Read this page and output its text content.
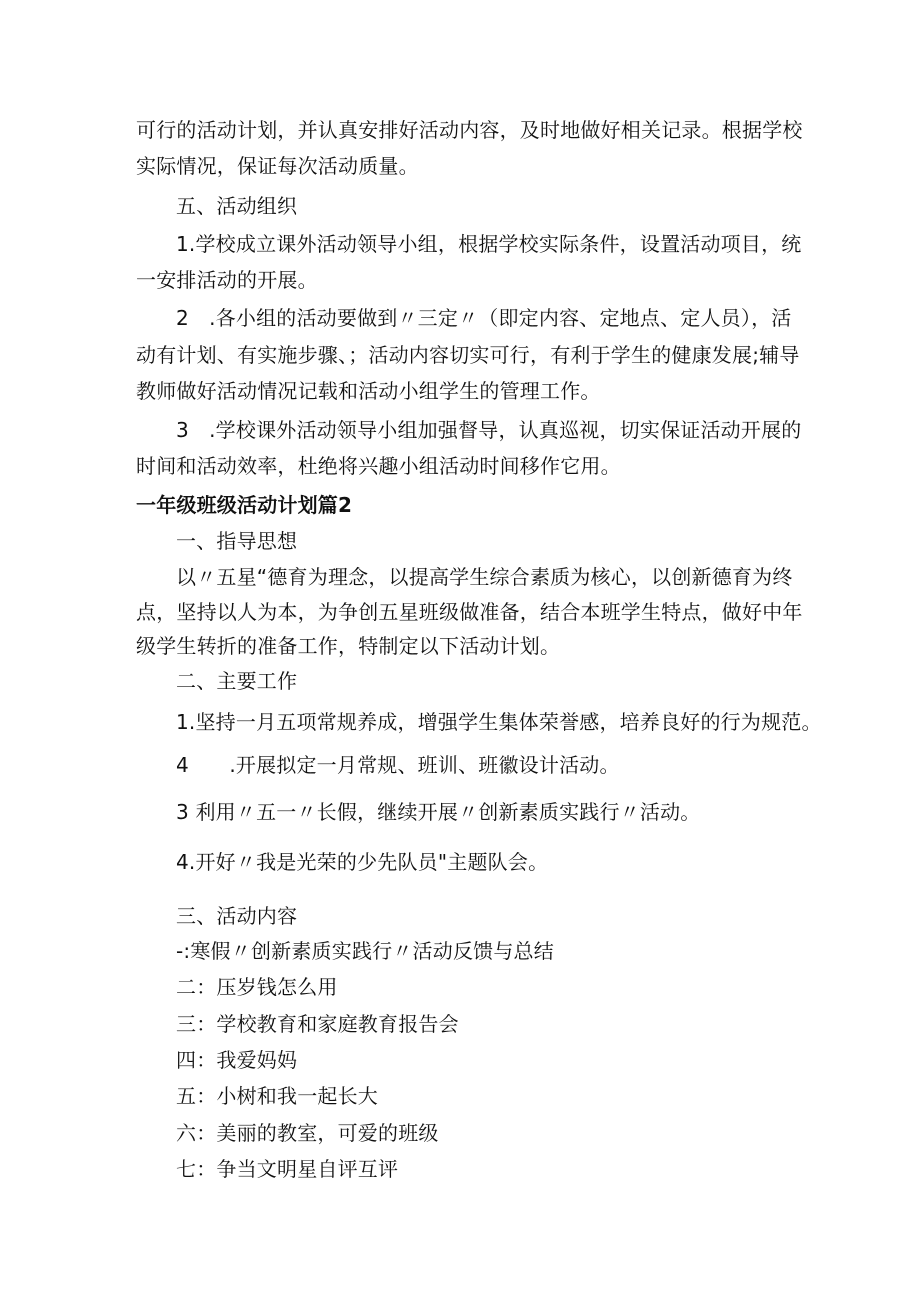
可行的活动计划，并认真安排好活动内容，及时地做好相关记录。根据学校
实际情况，保证每次活动质量。
五、活动组织
1.学校成立课外活动领导小组，根据学校实际条件，设置活动项目，统
一安排活动的开展。
2　.各小组的活动要做到〃三定〃（即定内容、定地点、定人员），活
动有计划、有实施步骤、；活动内容切实可行，有利于学生的健康发展;辅导
教师做好活动情况记载和活动小组学生的管理工作。
3　.学校课外活动领导小组加强督导，认真巡视，切实保证活动开展的
时间和活动效率，杜绝将兴趣小组活动时间移作它用。
一年级班级活动计划篇2
一、指导思想
以〃五星“德育为理念，以提高学生综合素质为核心，以创新德育为终
点，坚持以人为本，为争创五星班级做准备，结合本班学生特点，做好中年
级学生转折的准备工作，特制定以下活动计划。
二、主要工作
1.坚持一月五项常规养成，增强学生集体荣誉感，培养良好的行为规范。
4　　.开展拟定一月常规、班训、班徽设计活动。
3 利用〃五一〃长假，继续开展〃创新素质实践行〃活动。
4.开好〃我是光荣的少先队员"主题队会。
三、活动内容
-:寒假〃创新素质实践行〃活动反馈与总结
二：压岁钱怎么用
三：学校教育和家庭教育报告会
四：我爱妈妈
五：小树和我一起长大
六：美丽的教室，可爱的班级
七：争当文明星自评互评
